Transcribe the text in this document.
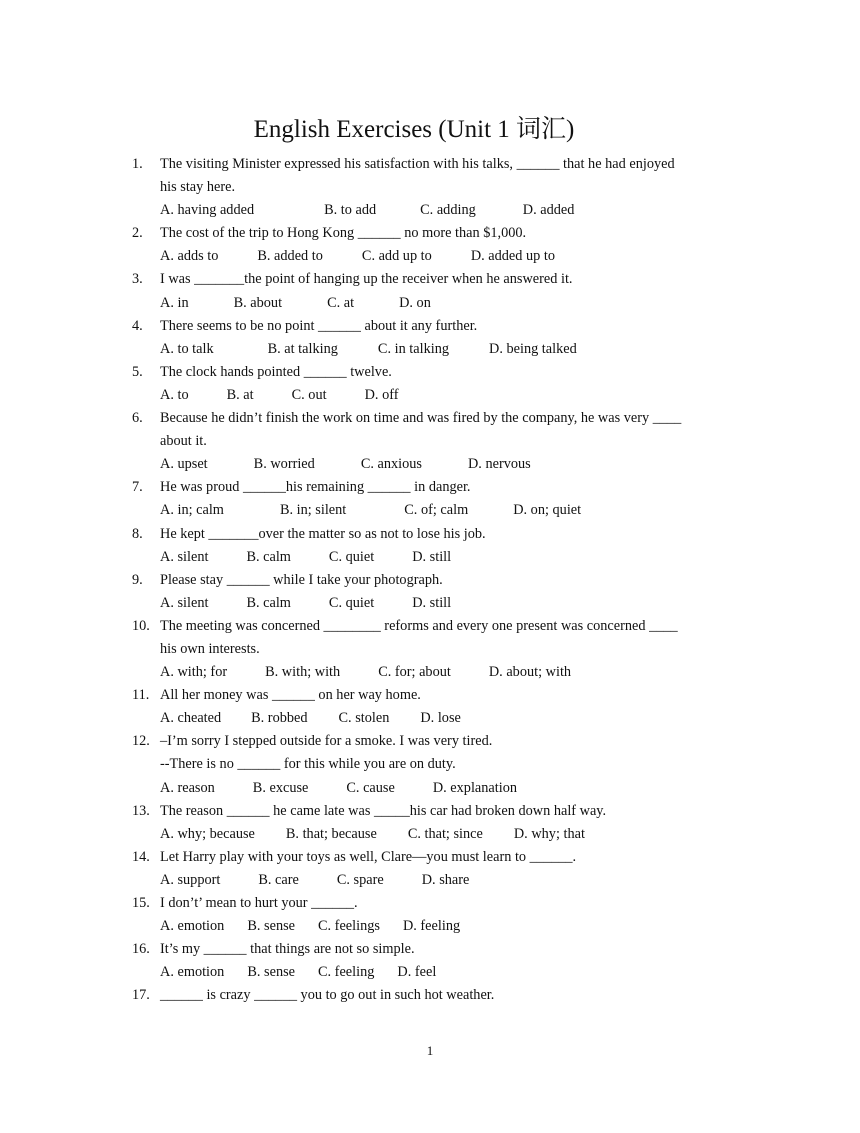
English Exercises (Unit 1 词汇)
1. The visiting Minister expressed his satisfaction with his talks, ______ that he had enjoyed
his stay here.
A. having added	B. to add	C. adding	D. added
2. The cost of the trip to Hong Kong ______ no more than $1,000.
A. adds to	B. added to	C. add up to	D. added up to
3. I was _______the point of hanging up the receiver when he answered it.
A. in	B. about	C. at	D. on
4. There seems to be no point ______ about it any further.
A. to talk	B. at talking	C. in talking	D. being talked
5. The clock hands pointed ______ twelve.
A. to	B. at	C. out	D. off
6. Because he didn’t finish the work on time and was fired by the company, he was very ____
about it.
A. upset	B. worried	C. anxious	D. nervous
7. He was proud ______his remaining ______ in danger.
A. in; calm	B. in; silent	C. of; calm	D. on; quiet
8. He kept _______over the matter so as not to lose his job.
A. silent	B. calm	C. quiet	D. still
9. Please stay ______ while I take your photograph.
A. silent	B. calm	C. quiet	D. still
10. The meeting was concerned ________ reforms and every one present was concerned ____
his own interests.
A. with; for	B. with; with	C. for; about	D. about; with
11. All her money was ______ on her way home.
A. cheated B. robbed C. stolen D. lose
12. –I’m sorry I stepped outside for a smoke. I was very tired.
--There is no ______ for this while you are on duty.
A. reason	B. excuse	C. cause	D. explanation
13. The reason ______ he came late was _____his car had broken down half way.
A. why; because B. that; because C. that; since D. why; that
14. Let Harry play with your toys as well, Clare—you must learn to ______.
A. support	B. care	C. spare	D. share
15. I don’t’ mean to hurt your ______.
A. emotion B. sense C. feelings D. feeling
16. It’s my ______ that things are not so simple.
A. emotion B. sense C. feeling D. feel
17. ______ is crazy ______ you to go out in such hot weather.
1
